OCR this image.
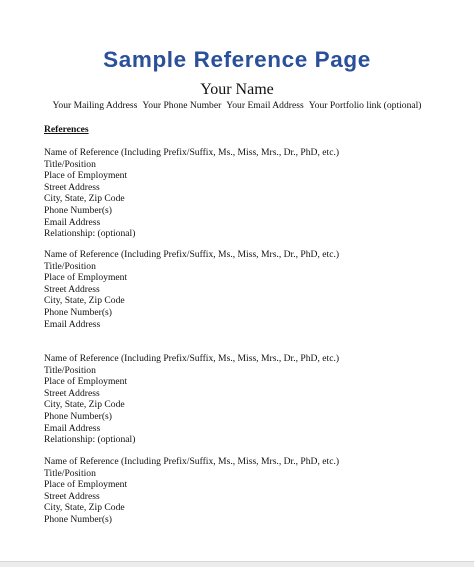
Sample Reference Page
Your Name
Your Mailing Address Your Phone Number Your Email Address Your Portfolio link (optional)
References
Name of Reference (Including Prefix/Suffix, Ms., Miss, Mrs., Dr., PhD, etc.)
Title/Position
Place of Employment
Street Address
City, State, Zip Code
Phone Number(s)
Email Address
Relationship: (optional)
Name of Reference (Including Prefix/Suffix, Ms., Miss, Mrs., Dr., PhD, etc.)
Title/Position
Place of Employment
Street Address
City, State, Zip Code
Phone Number(s)
Email Address
Name of Reference (Including Prefix/Suffix, Ms., Miss, Mrs., Dr., PhD, etc.)
Title/Position
Place of Employment
Street Address
City, State, Zip Code
Phone Number(s)
Email Address
Relationship: (optional)
Name of Reference (Including Prefix/Suffix, Ms., Miss, Mrs., Dr., PhD, etc.)
Title/Position
Place of Employment
Street Address
City, State, Zip Code
Phone Number(s)
